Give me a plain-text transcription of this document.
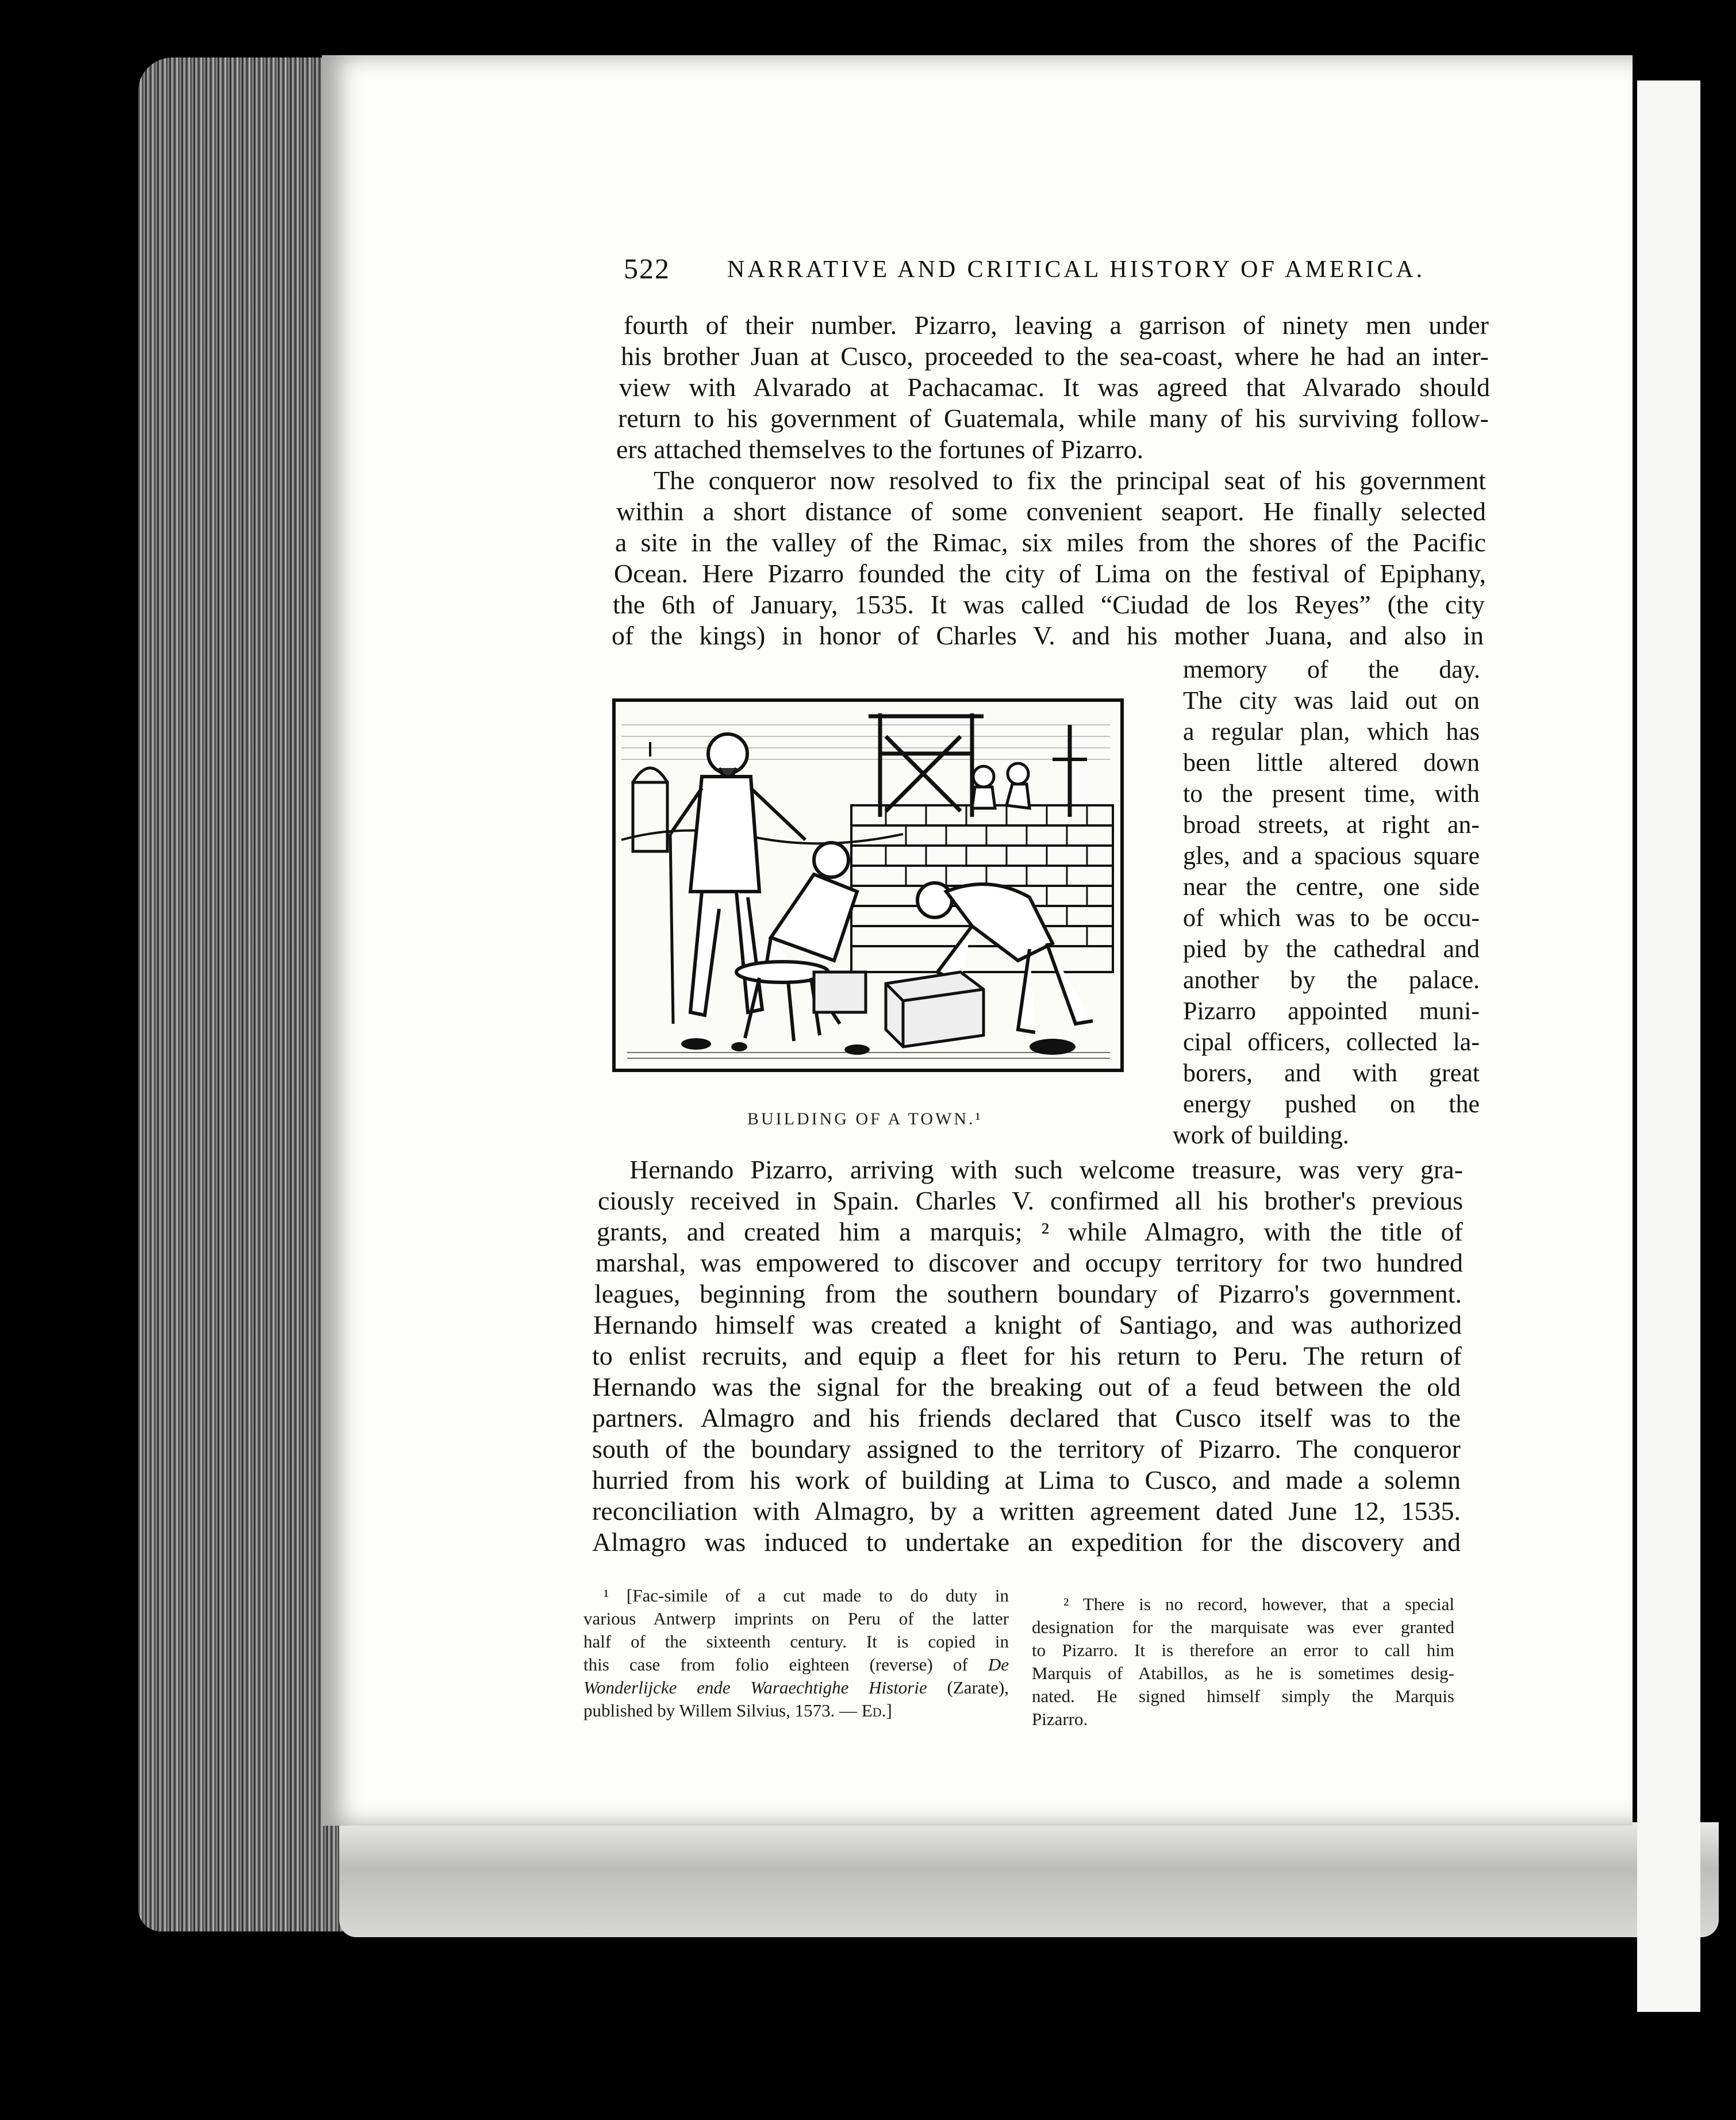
522 NARRATIVE AND CRITICAL HISTORY OF AMERICA.
fourth of their number. Pizarro, leaving a garrison of ninety men under
his brother Juan at Cusco, proceeded to the sea-coast, where he had an inter-
view with Alvarado at Pachacamac. It was agreed that Alvarado should
return to his government of Guatemala, while many of his surviving follow-
ers attached themselves to the fortunes of Pizarro.
The conqueror now resolved to fix the principal seat of his government
within a short distance of some convenient seaport. He finally selected
a site in the valley of the Rimac, six miles from the shores of the Pacific
Ocean. Here Pizarro founded the city of Lima on the festival of Epiphany,
the 6th of January, 1535. It was called “Ciudad de los Reyes” (the city
of the kings) in honor of Charles V. and his mother Juana, and also in
BUILDING OF A TOWN.¹
memory of the day.
The city was laid out on
a regular plan, which has
been little altered down
to the present time, with
broad streets, at right an-
gles, and a spacious square
near the centre, one side
of which was to be occu-
pied by the cathedral and
another by the palace.
Pizarro appointed muni-
cipal officers, collected la-
borers, and with great
energy pushed on the
work of building.
Hernando Pizarro, arriving with such welcome treasure, was very gra-
ciously received in Spain. Charles V. confirmed all his brother's previous
grants, and created him a marquis; ² while Almagro, with the title of
marshal, was empowered to discover and occupy territory for two hundred
leagues, beginning from the southern boundary of Pizarro's government.
Hernando himself was created a knight of Santiago, and was authorized
to enlist recruits, and equip a fleet for his return to Peru. The return of
Hernando was the signal for the breaking out of a feud between the old
partners. Almagro and his friends declared that Cusco itself was to the
south of the boundary assigned to the territory of Pizarro. The conqueror
hurried from his work of building at Lima to Cusco, and made a solemn
reconciliation with Almagro, by a written agreement dated June 12, 1535.
Almagro was induced to undertake an expedition for the discovery and
¹ [Fac-simile of a cut made to do duty in
various Antwerp imprints on Peru of the latter
half of the sixteenth century. It is copied in
this case from folio eighteen (reverse) of De
Wonderlijcke ende Waraechtighe Historie (Zarate),
published by Willem Silvius, 1573. — Ed.]
² There is no record, however, that a special
designation for the marquisate was ever granted
to Pizarro. It is therefore an error to call him
Marquis of Atabillos, as he is sometimes desig-
nated. He signed himself simply the Marquis
Pizarro.
